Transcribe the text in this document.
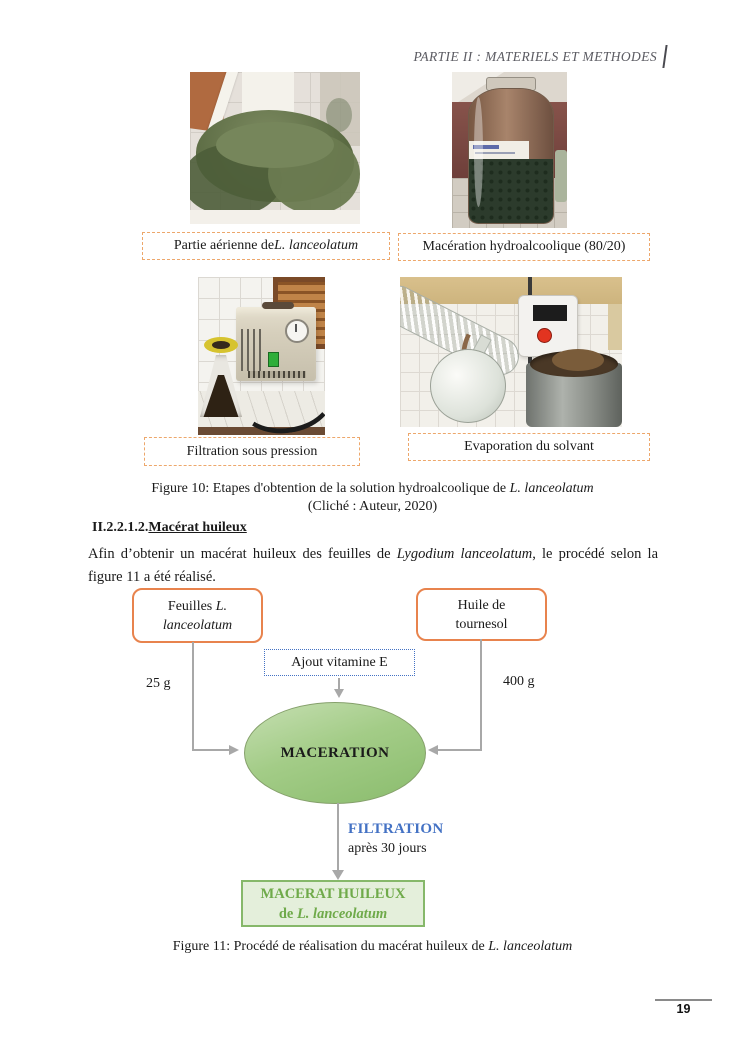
PARTIE II : MATERIELS ET METHODES
Partie aérienne de L. lanceolatum	Macération hydroalcoolique (80/20)
Filtration sous pression	Evaporation du solvant
Figure 10: Etapes d'obtention de la solution hydroalcoolique de L. lanceolatum
(Cliché : Auteur, 2020)
II.2.2.1.2.Macérat huileux
Afin d’obtenir un macérat huileux des feuilles de Lygodium lanceolatum, le procédé selon la
figure 11 a été réalisé.
Feuilles L.
lanceolatum
Huile de
tournesol
Ajout vitamine E
25 g	400 g
MACERATION
FILTRATION
après 30 jours
MACERAT HUILEUX
de L. lanceolatum
Figure 11: Procédé de réalisation du macérat huileux de L. lanceolatum
19
